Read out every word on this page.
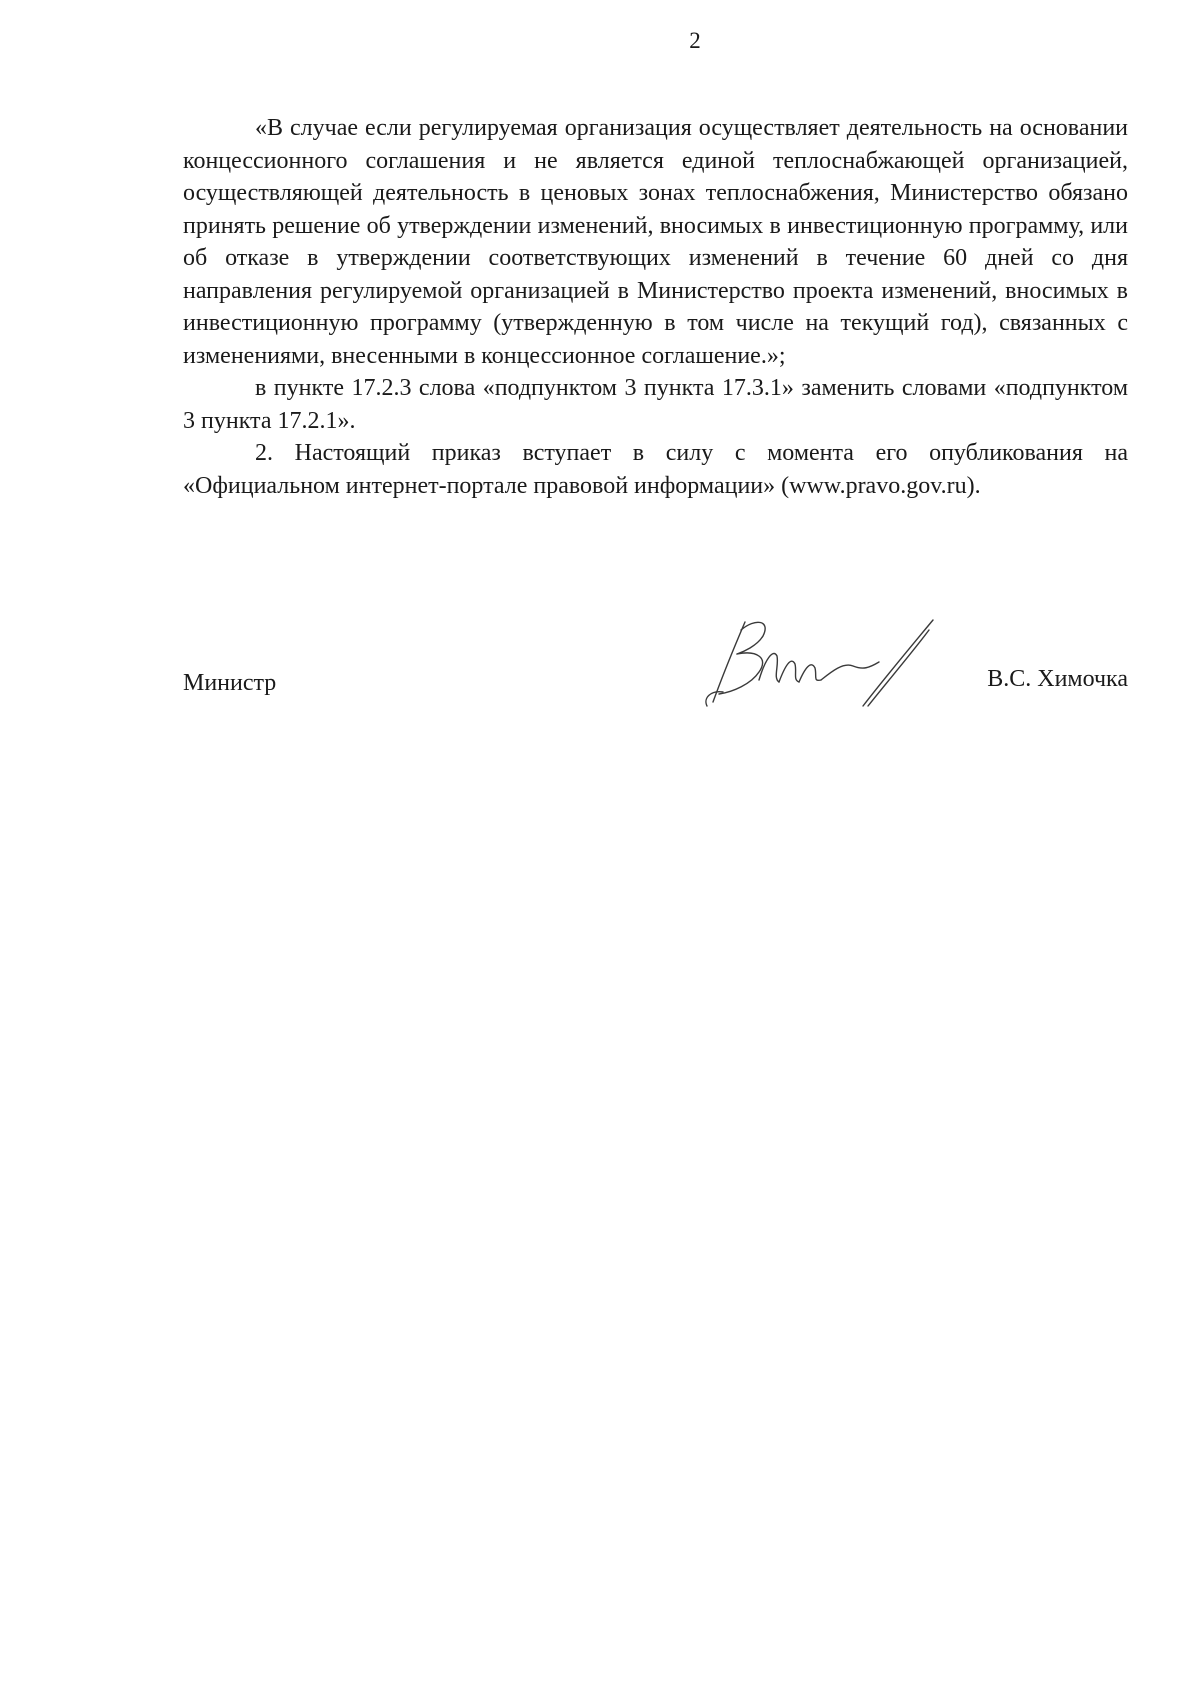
2

«В случае если регулируемая организация осуществляет деятельность на основании концессионного соглашения и не является единой теплоснабжающей организацией, осуществляющей деятельность в ценовых зонах теплоснабжения, Министерство обязано принять решение об утверждении изменений, вносимых в инвестиционную программу, или об отказе в утверждении соответствующих изменений в течение 60 дней со дня направления регулируемой организацией в Министерство проекта изменений, вносимых в инвестиционную программу (утвержденную в том числе на текущий год), связанных с изменениями, внесенными в концессионное соглашение.»;

в пункте 17.2.3 слова «подпунктом 3 пункта 17.3.1» заменить словами «подпунктом 3 пункта 17.2.1».

2. Настоящий приказ вступает в силу с момента его опубликования на «Официальном интернет-портале правовой информации» (www.pravo.gov.ru).

Министр	В.С. Химочка
